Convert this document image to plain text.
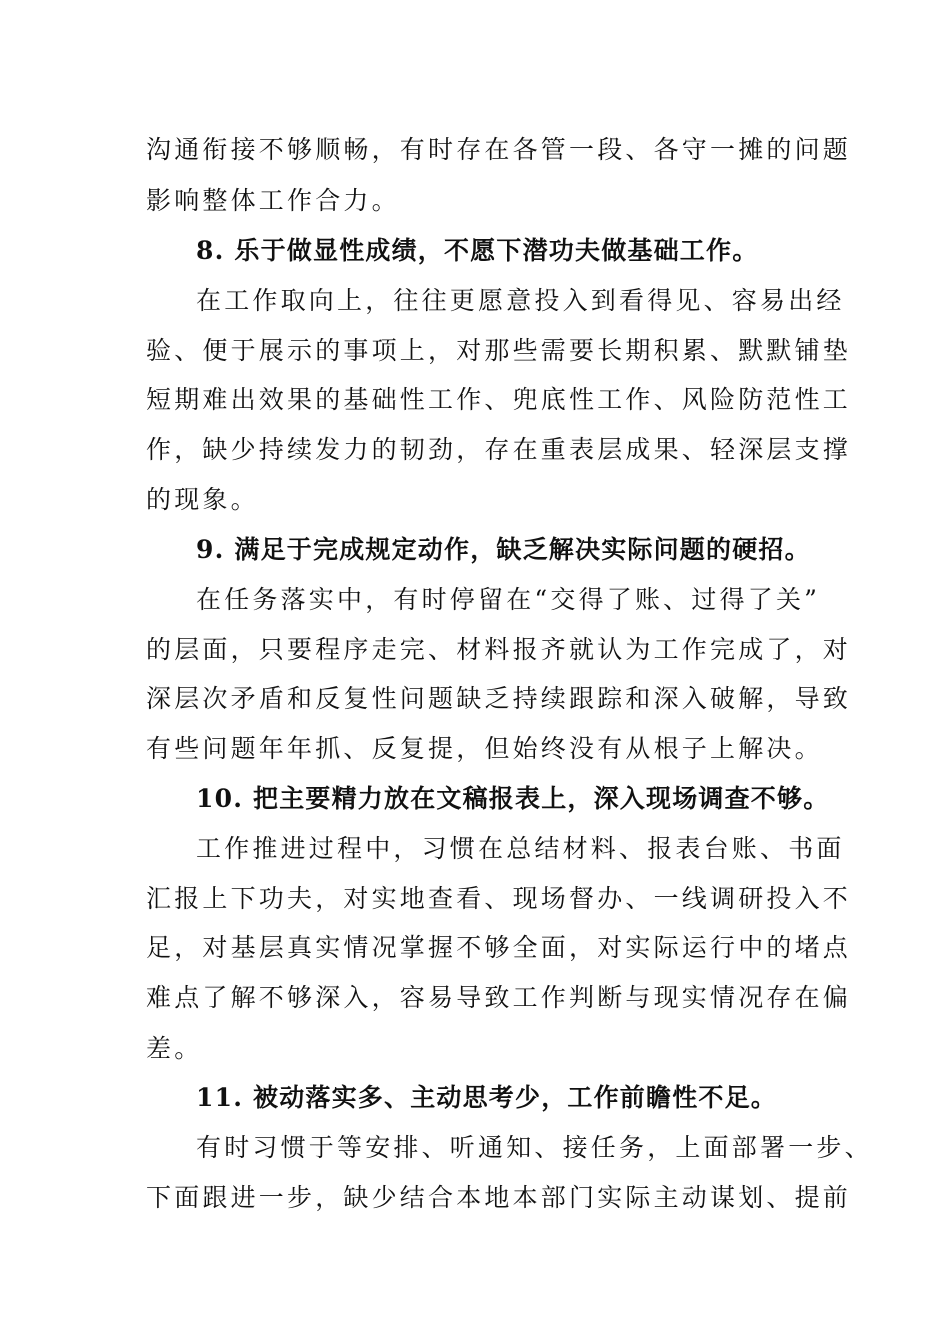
沟通衔接不够顺畅，有时存在各管一段、各守一摊的问题
影响整体工作合力。
8. 乐于做显性成绩，不愿下潜功夫做基础工作。
在工作取向上，往往更愿意投入到看得见、容易出经
验、便于展示的事项上，对那些需要长期积累、默默铺垫
短期难出效果的基础性工作、兜底性工作、风险防范性工
作，缺少持续发力的韧劲，存在重表层成果、轻深层支撑
的现象。
9. 满足于完成规定动作，缺乏解决实际问题的硬招。
在任务落实中，有时停留在“交得了账、过得了关”
的层面，只要程序走完、材料报齐就认为工作完成了，对
深层次矛盾和反复性问题缺乏持续跟踪和深入破解，导致
有些问题年年抓、反复提，但始终没有从根子上解决。
10. 把主要精力放在文稿报表上，深入现场调查不够。
工作推进过程中，习惯在总结材料、报表台账、书面
汇报上下功夫，对实地查看、现场督办、一线调研投入不
足，对基层真实情况掌握不够全面，对实际运行中的堵点
难点了解不够深入，容易导致工作判断与现实情况存在偏
差。
11. 被动落实多、主动思考少，工作前瞻性不足。
有时习惯于等安排、听通知、接任务，上面部署一步、
下面跟进一步，缺少结合本地本部门实际主动谋划、提前
